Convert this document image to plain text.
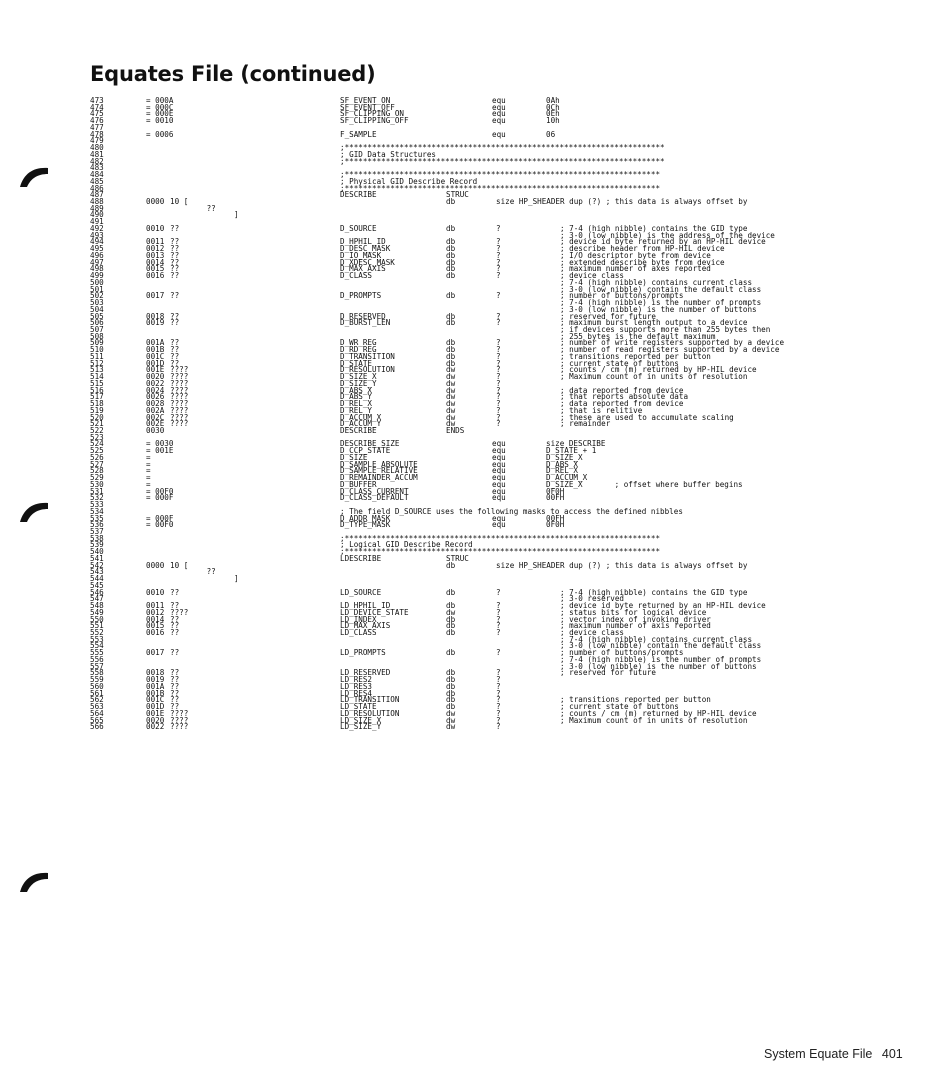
Equates File (continued)
473	= 000A	SF_EVENT_ON	equ	0Ah
474	= 000C	SF_EVENT_OFF	equ	0Ch
475	= 000E	SF_CLIPPING_ON	equ	0Eh
476	= 0010	SF_CLIPPING_OFF	equ	10h
477
478	= 0006	F_SAMPLE	equ	06
479
480	;**********************************************************************
481	; GID Data Structures
482	;**********************************************************************
483
484	;*********************************************************************
485	; Physical GID Describe Record
486	;*********************************************************************
487	DESCRIBE	STRUC
488	0000 10 [	db	size HP_SHEADER dup (?) ; this data is always offset by
489	??
490	]
491
492	0010 ??	D_SOURCE	db	?	; 7-4 (high nibble) contains the GID type
493	; 3-0 (low nibble) is the address of the device
494	0011 ??	D_HPHIL_ID	db	?	; device id byte returned by an HP-HIL device
495	0012 ??	D_DESC_MASK	db	?	; describe header from HP-HIL device
496	0013 ??	D_IO_MASK	db	?	; I/O descriptor byte from device
497	0014 ??	D_XDESC_MASK	db	?	; extended describe byte from device
498	0015 ??	D_MAX_AXIS	db	?	; maximum number of axes reported
499	0016 ??	D_CLASS	db	?	; device class
500	; 7-4 (high nibble) contains current class
501	; 3-0 (low nibble) contain the default class
502	0017 ??	D_PROMPTS	db	?	; number of buttons/prompts
503	; 7-4 (high nibble) is the number of prompts
504	; 3-0 (low nibble) is the number of buttons
505	0018 ??	D_RESERVED	db	?	; reserved for future
506	0019 ??	D_BURST_LEN	db	?	; maximum burst length output to a device
507	; if devices supports more than 255 bytes then
508	; 255 bytes is the default maximum
509	001A ??	D_WR_REG	db	?	; number of write registers supported by a device
510	001B ??	D_RD_REG	db	?	; number of read registers supported by a device
511	001C ??	D_TRANSITION	db	?	; transitions reported per button
512	001D ??	D_STATE	db	?	; current state of buttons
513	001E ????	D_RESOLUTION	dw	?	; counts / cm (m) returned by HP-HIL device
514	0020 ????	D_SIZE_X	dw	?	; Maximum count of in units of resolution
515	0022 ????	D_SIZE_Y	dw	?
516	0024 ????	D_ABS_X	dw	?	; data reported from device
517	0026 ????	D_ABS_Y	dw	?	; that reports absolute data
518	0028 ????	D_REL_X	dw	?	; data reported from device
519	002A ????	D_REL_Y	dw	?	; that is relitive
520	002C ????	D_ACCUM_X	dw	?	; these are used to accumulate scaling
521	002E ????	D_ACCUM_Y	dw	?	; remainder
522	0030	DESCRIBE	ENDS
523
524	= 0030	DESCRIBE_SIZE	equ	size DESCRIBE
525	= 001E	D_CCP_STATE	equ	D_STATE + 1
526	=	D_SIZE	equ	D_SIZE_X
527	=	D_SAMPLE_ABSOLUTE	equ	D_ABS_X
528	=	D_SAMPLE_RELATIVE	equ	D_REL_X
529	=	D_REMAINDER_ACCUM	equ	D_ACCUM_X
530	=	D_BUFFER	equ	D_SIZE_X       ; offset where buffer begins
531	= 00F0	D_CLASS_CURRENT	equ	0F0H
532	= 000F	D_CLASS_DEFAULT	equ	00FH
533
534	; The field D_SOURCE uses the following masks to access the defined nibbles
535	= 000F	D_ADDR_MASK	equ	00FH
536	= 00F0	D_TYPE_MASK	equ	0F0H
537
538	;*********************************************************************
539	; Logical GID Describe Record
540	;*********************************************************************
541	LDESCRIBE	STRUC
542	0000 10 [	db	size HP_SHEADER dup (?) ; this data is always offset by
543	??
544	]
545
546	0010 ??	LD_SOURCE	db	?	; 7-4 (high nibble) contains the GID type
547	; 3-0 reserved
548	0011 ??	LD_HPHIL_ID	db	?	; device id byte returned by an HP-HIL device
549	0012 ????	LD_DEVICE_STATE	dw	?	; status bits for logical device
550	0014 ??	LD_INDEX	db	?	; vector index of invoking driver
551	0015 ??	LD_MAX_AXIS	db	?	; maximum number of axis reported
552	0016 ??	LD_CLASS	db	?	; device class
553	; 7-4 (high nibble) contains current class
554	; 3-0 (low nibble) contain the default class
555	0017 ??	LD_PROMPTS	db	?	; number of buttons/prompts
556	; 7-4 (high nibble) is the number of prompts
557	; 3-0 (low nibble) is the number of buttons
558	0018 ??	LD_RESERVED	db	?	; reserved for future
559	0019 ??	LD_RES2	db	?
560	001A ??	LD_RES3	db	?
561	001B ??	LD_RES4	db	?
562	001C ??	LD_TRANSITION	db	?	; transitions reported per button
563	001D ??	LD_STATE	db	?	; current state of buttons
564	001E ????	LD_RESOLUTION	dw	?	; counts / cm (m) returned by HP-HIL device
565	0020 ????	LD_SIZE_X	dw	?	; Maximum count of in units of resolution
566	0022 ????	LD_SIZE_Y	dw	?
System Equate File 401
